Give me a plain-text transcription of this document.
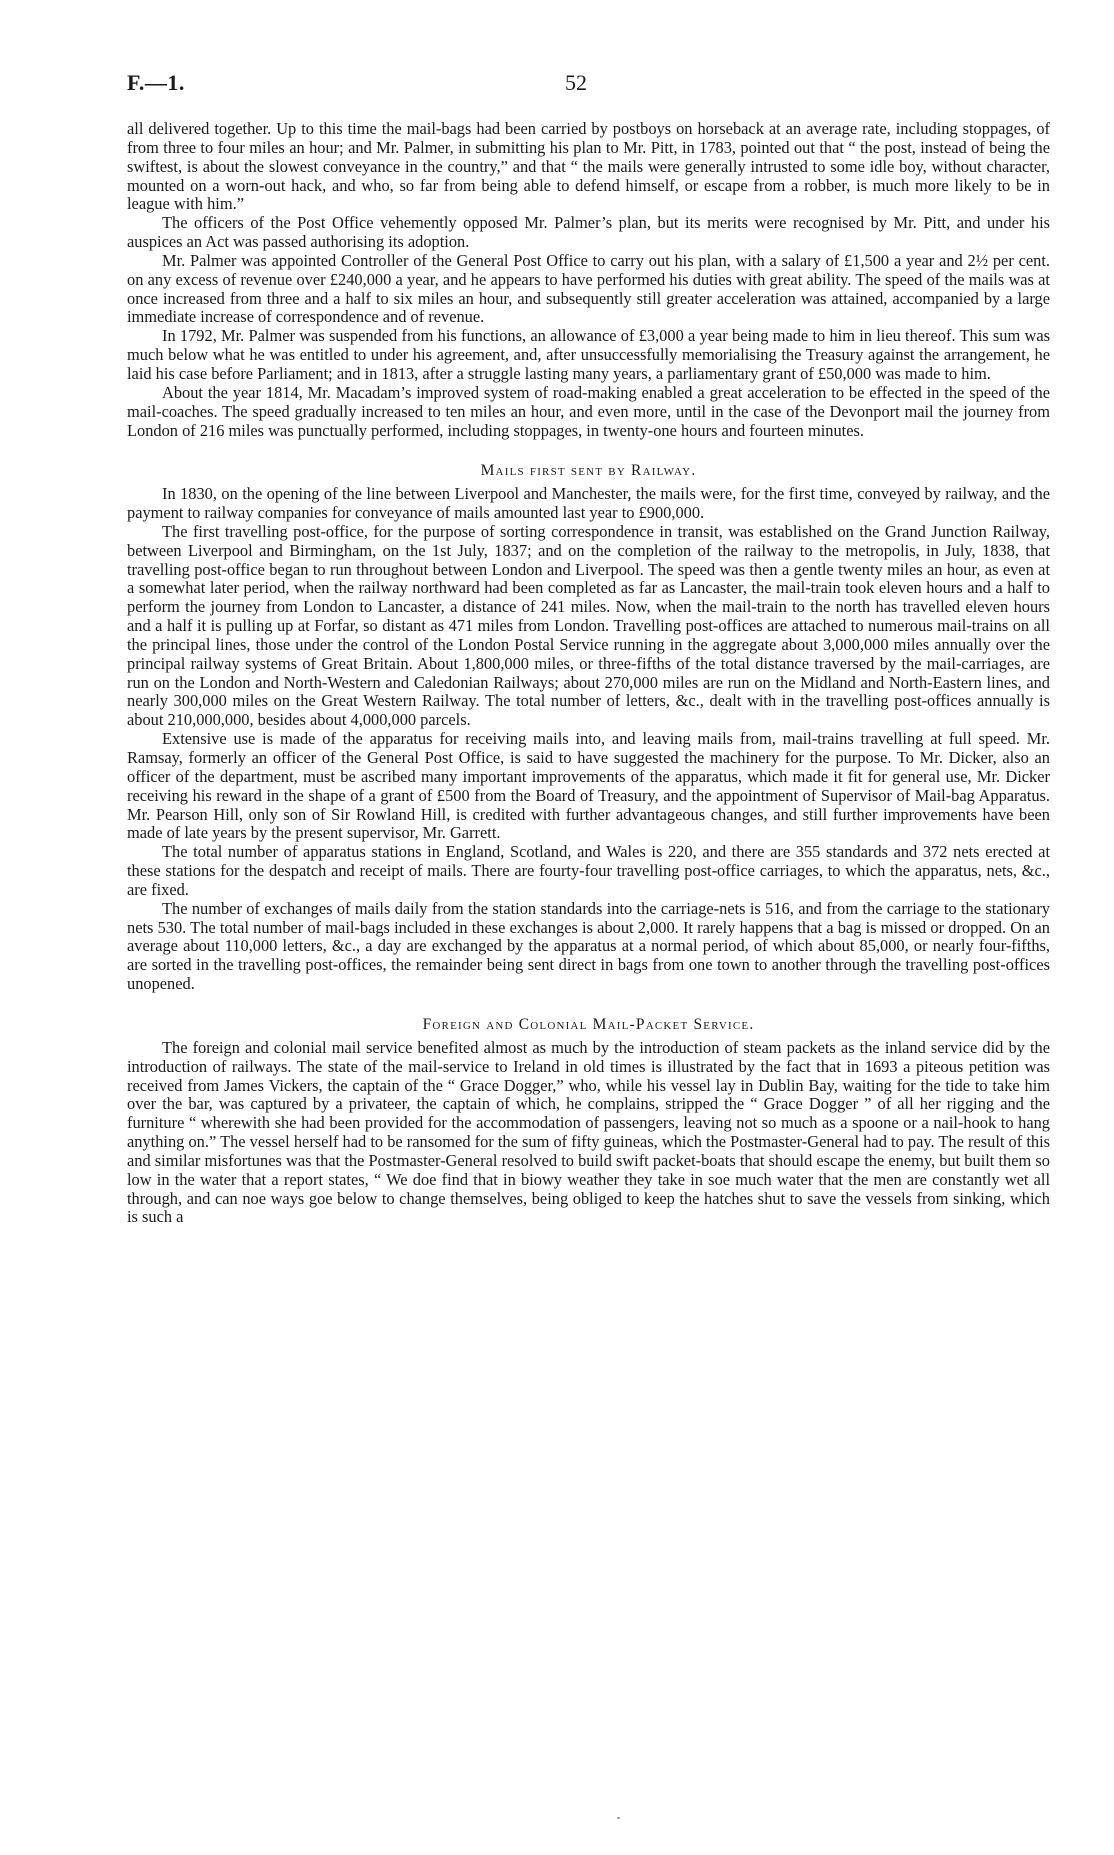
F.—1.	52

all delivered together. Up to this time the mail-bags had been carried by postboys on horseback at an average rate, including stoppages, of from three to four miles an hour; and Mr. Palmer, in submitting his plan to Mr. Pitt, in 1783, pointed out that “ the post, instead of being the swiftest, is about the slowest conveyance in the country,” and that “ the mails were generally intrusted to some idle boy, without character, mounted on a worn-out hack, and who, so far from being able to defend himself, or escape from a robber, is much more likely to be in league with him.”

The officers of the Post Office vehemently opposed Mr. Palmer’s plan, but its merits were recognised by Mr. Pitt, and under his auspices an Act was passed authorising its adoption.

Mr. Palmer was appointed Controller of the General Post Office to carry out his plan, with a salary of £1,500 a year and 2½ per cent. on any excess of revenue over £240,000 a year, and he appears to have performed his duties with great ability. The speed of the mails was at once increased from three and a half to six miles an hour, and subsequently still greater acceleration was attained, accompanied by a large immediate increase of correspondence and of revenue.

In 1792, Mr. Palmer was suspended from his functions, an allowance of £3,000 a year being made to him in lieu thereof. This sum was much below what he was entitled to under his agreement, and, after unsuccessfully memorialising the Treasury against the arrangement, he laid his case before Parliament; and in 1813, after a struggle lasting many years, a parliamentary grant of £50,000 was made to him.

About the year 1814, Mr. Macadam’s improved system of road-making enabled a great acceleration to be effected in the speed of the mail-coaches. The speed gradually increased to ten miles an hour, and even more, until in the case of the Devonport mail the journey from London of 216 miles was punctually performed, including stoppages, in twenty-one hours and fourteen minutes.

Mails first sent by Railway.

In 1830, on the opening of the line between Liverpool and Manchester, the mails were, for the first time, conveyed by railway, and the payment to railway companies for conveyance of mails amounted last year to £900,000.

The first travelling post-office, for the purpose of sorting correspondence in transit, was established on the Grand Junction Railway, between Liverpool and Birmingham, on the 1st July, 1837; and on the completion of the railway to the metropolis, in July, 1838, that travelling post-office began to run throughout between London and Liverpool. The speed was then a gentle twenty miles an hour, as even at a somewhat later period, when the railway northward had been completed as far as Lancaster, the mail-train took eleven hours and a half to perform the journey from London to Lancaster, a distance of 241 miles. Now, when the mail-train to the north has travelled eleven hours and a half it is pulling up at Forfar, so distant as 471 miles from London. Travelling post-offices are attached to numerous mail-trains on all the principal lines, those under the control of the London Postal Service running in the aggregate about 3,000,000 miles annually over the principal railway systems of Great Britain. About 1,800,000 miles, or three-fifths of the total distance traversed by the mail-carriages, are run on the London and North-Western and Caledonian Railways; about 270,000 miles are run on the Midland and North-Eastern lines, and nearly 300,000 miles on the Great Western Railway. The total number of letters, &c., dealt with in the travelling post-offices annually is about 210,000,000, besides about 4,000,000 parcels.

Extensive use is made of the apparatus for receiving mails into, and leaving mails from, mail-trains travelling at full speed. Mr. Ramsay, formerly an officer of the General Post Office, is said to have suggested the machinery for the purpose. To Mr. Dicker, also an officer of the department, must be ascribed many important improvements of the apparatus, which made it fit for general use, Mr. Dicker receiving his reward in the shape of a grant of £500 from the Board of Treasury, and the appointment of Supervisor of Mail-bag Apparatus. Mr. Pearson Hill, only son of Sir Rowland Hill, is credited with further advantageous changes, and still further improvements have been made of late years by the present supervisor, Mr. Garrett.

The total number of apparatus stations in England, Scotland, and Wales is 220, and there are 355 standards and 372 nets erected at these stations for the despatch and receipt of mails. There are fourty-four travelling post-office carriages, to which the apparatus, nets, &c., are fixed.

The number of exchanges of mails daily from the station standards into the carriage-nets is 516, and from the carriage to the stationary nets 530. The total number of mail-bags included in these exchanges is about 2,000. It rarely happens that a bag is missed or dropped. On an average about 110,000 letters, &c., a day are exchanged by the apparatus at a normal period, of which about 85,000, or nearly four-fifths, are sorted in the travelling post-offices, the remainder being sent direct in bags from one town to another through the travelling post-offices unopened.

Foreign and Colonial Mail-Packet Service.

The foreign and colonial mail service benefited almost as much by the introduction of steam packets as the inland service did by the introduction of railways. The state of the mail-service to Ireland in old times is illustrated by the fact that in 1693 a piteous petition was received from James Vickers, the captain of the “ Grace Dogger,” who, while his vessel lay in Dublin Bay, waiting for the tide to take him over the bar, was captured by a privateer, the captain of which, he complains, stripped the “ Grace Dogger ” of all her rigging and the furniture “ wherewith she had been provided for the accommodation of passengers, leaving not so much as a spoone or a nail-hook to hang anything on.” The vessel herself had to be ransomed for the sum of fifty guineas, which the Postmaster-General had to pay. The result of this and similar misfortunes was that the Postmaster-General resolved to build swift packet-boats that should escape the enemy, but built them so low in the water that a report states, “ We doe find that in biowy weather they take in soe much water that the men are constantly wet all through, and can noe ways goe below to change themselves, being obliged to keep the hatches shut to save the vessels from sinking, which is such a
